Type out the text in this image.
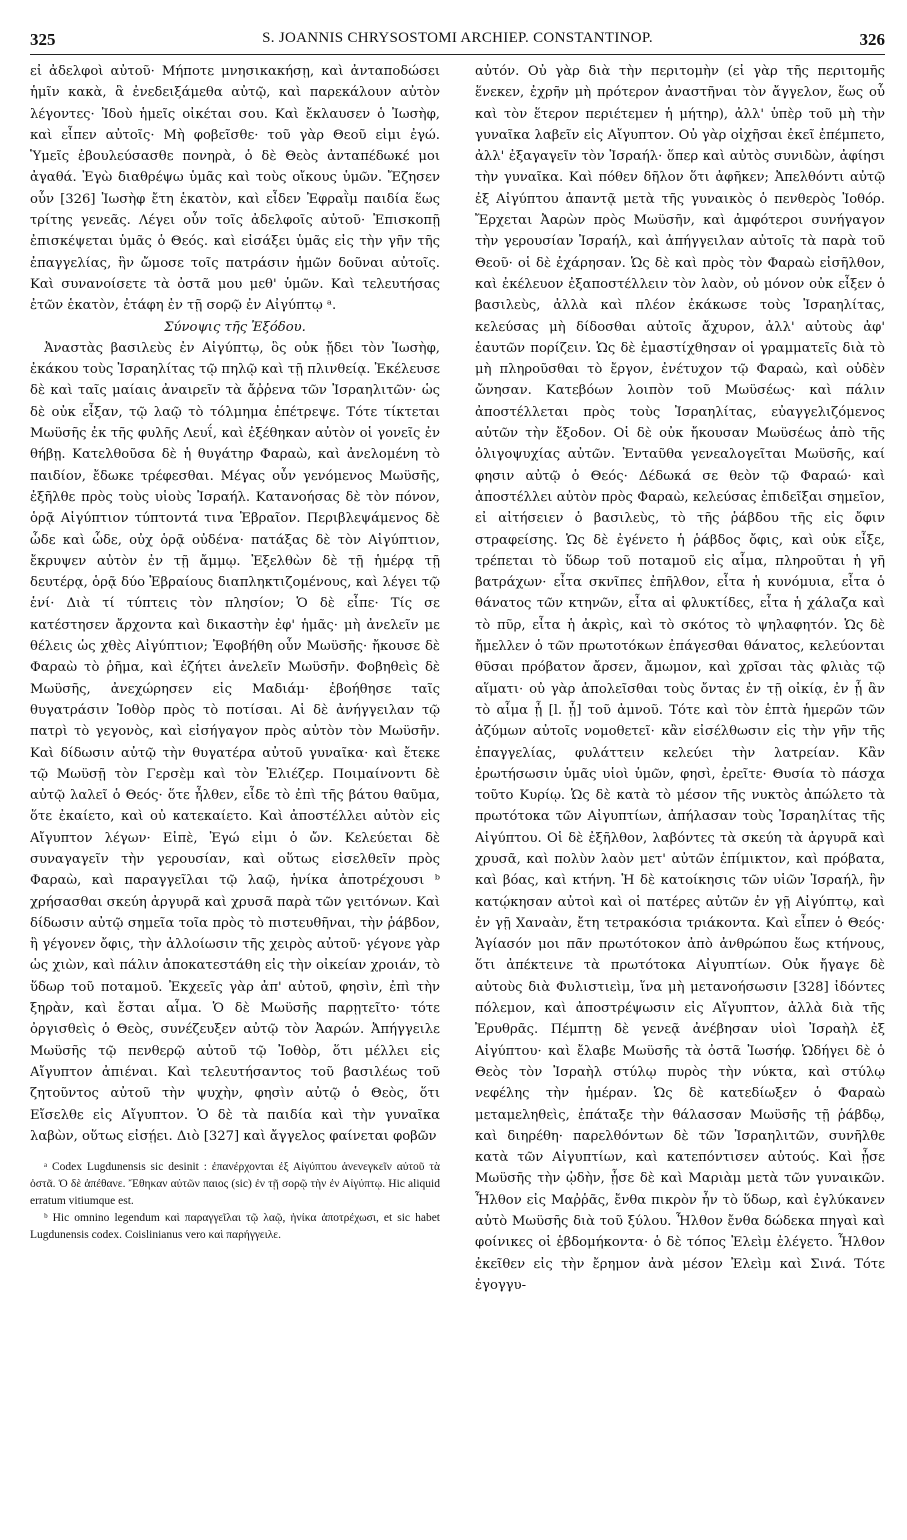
325	S. JOANNIS CHRYSOSTOMI ARCHIEP. CONSTANTINOP.	326

εἰ ἀδελφοὶ αὐτοῦ· Μήποτε μνησικακήσῃ, καὶ ἀνταποδώσει ἡμῖν κακὰ, ἃ ἐνεδειξάμεθα αὐτῷ, καὶ παρεκάλουν αὐτὸν λέγοντες· Ἰδοὺ ἡμεῖς οἰκέται σου. Καὶ ἔκλαυσεν ὁ Ἰωσὴφ, καὶ εἶπεν αὐτοῖς· Μὴ φοβεῖσθε· τοῦ γὰρ Θεοῦ εἰμι ἐγώ. Ὑμεῖς ἐβουλεύσασθε πονηρὰ, ὁ δὲ Θεὸς ἀνταπέδωκέ μοι ἀγαθά. Ἐγὼ διαθρέψω ὑμᾶς καὶ τοὺς οἴκους ὑμῶν. Ἔζησεν οὖν [326] Ἰωσὴφ ἔτη ἑκατὸν, καὶ εἶδεν Ἐφραῒμ παιδία ἕως τρίτης γενεᾶς. Λέγει οὖν τοῖς ἀδελφοῖς αὐτοῦ· Ἐπισκοπῇ ἐπισκέψεται ὑμᾶς ὁ Θεός. καὶ εἰσάξει ὑμᾶς εἰς τὴν γῆν τῆς ἐπαγγελίας, ἣν ὤμοσε τοῖς πατράσιν ἡμῶν δοῦναι αὐτοῖς. Καὶ συνανοίσετε τὰ ὀστᾶ μου μεθ' ὑμῶν. Καὶ τελευτήσας ἐτῶν ἑκατὸν, ἐτάφη ἐν τῇ σορῷ ἐν Αἰγύπτῳ ᵃ.

Σύνοψις τῆς Ἐξόδου.

Ἀναστὰς βασιλεὺς ἐν Αἰγύπτῳ, ὃς οὐκ ᾔδει τὸν Ἰωσὴφ, ἐκάκου τοὺς Ἰσραηλίτας τῷ πηλῷ καὶ τῇ πλινθείᾳ. Ἐκέλευσε δὲ καὶ ταῖς μαίαις ἀναιρεῖν τὰ ἄῤῥενα τῶν Ἰσραηλιτῶν· ὡς δὲ οὐκ εἶξαν, τῷ λαῷ τὸ τόλμημα ἐπέτρεψε. Τότε τίκτεται Μωϋσῆς ἐκ τῆς φυλῆς Λευΐ, καὶ ἐξέθηκαν αὐτὸν οἱ γονεῖς ἐν θήβῃ. Κατελθοῦσα δὲ ἡ θυγάτηρ Φαραὼ, καὶ ἀνελομένη τὸ παιδίον, ἔδωκε τρέφεσθαι. Μέγας οὖν γενόμενος Μωϋσῆς, ἐξῆλθε πρὸς τοὺς υἱοὺς Ἰσραήλ. Κατανοήσας δὲ τὸν πόνον, ὁρᾷ Αἰγύπτιον τύπτοντά τινα Ἑβραῖον. Περιβλεψάμενος δὲ ὧδε καὶ ὧδε, οὐχ ὁρᾷ οὐδένα· πατάξας δὲ τὸν Αἰγύπτιον, ἔκρυψεν αὐτὸν ἐν τῇ ἄμμῳ. Ἐξελθὼν δὲ τῇ ἡμέρᾳ τῇ δευτέρᾳ, ὁρᾷ δύο Ἑβραίους διαπληκτιζομένους, καὶ λέγει τῷ ἑνί· Διὰ τί τύπτεις τὸν πλησίον; Ὁ δὲ εἶπε· Τίς σε κατέστησεν ἄρχοντα καὶ δικαστὴν ἐφ' ἡμᾶς· μὴ ἀνελεῖν με θέλεις ὡς χθὲς Αἰγύπτιον; Ἐφοβήθη οὖν Μωϋσῆς· ἤκουσε δὲ Φαραὼ τὸ ῥῆμα, καὶ ἐζήτει ἀνελεῖν Μωϋσῆν. Φοβηθεὶς δὲ Μωϋσῆς, ἀνεχώρησεν εἰς Μαδιάμ· ἐβοήθησε ταῖς θυγατράσιν Ἰοθὸρ πρὸς τὸ ποτίσαι. Αἱ δὲ ἀνήγγειλαν τῷ πατρὶ τὸ γεγονὸς, καὶ εἰσήγαγον πρὸς αὐτὸν τὸν Μωϋσῆν. Καὶ δίδωσιν αὐτῷ τὴν θυγατέρα αὐτοῦ γυναῖκα· καὶ ἔτεκε τῷ Μωϋσῇ τὸν Γερσὲμ καὶ τὸν Ἐλιέζερ. Ποιμαίνοντι δὲ αὐτῷ λαλεῖ ὁ Θεός· ὅτε ἦλθεν, εἶδε τὸ ἐπὶ τῆς βάτου θαῦμα, ὅτε ἐκαίετο, καὶ οὐ κατεκαίετο. Καὶ ἀποστέλλει αὐτὸν εἰς Αἴγυπτον λέγων· Εἰπὲ, Ἐγώ εἰμι ὁ ὤν. Κελεύεται δὲ συναγαγεῖν τὴν γερουσίαν, καὶ οὕτως εἰσελθεῖν πρὸς Φαραὼ, καὶ παραγγεῖλαι τῷ λαῷ, ἡνίκα ἀποτρέχουσι ᵇ χρήσασθαι σκεύη ἀργυρᾶ καὶ χρυσᾶ παρὰ τῶν γειτόνων. Καὶ δίδωσιν αὐτῷ σημεῖα τοῖα πρὸς τὸ πιστευθῆναι, τὴν ῥάβδον, ἣ γέγονεν ὄφις, τὴν ἀλλοίωσιν τῆς χειρὸς αὐτοῦ· γέγονε γὰρ ὡς χιὼν, καὶ πάλιν ἀποκατεστάθη εἰς τὴν οἰκείαν χροιάν, τὸ ὕδωρ τοῦ ποταμοῦ. Ἐκχεεῖς γὰρ ἀπ' αὐτοῦ, φησὶν, ἐπὶ τὴν ξηρὰν, καὶ ἔσται αἷμα. Ὁ δὲ Μωϋσῆς παρῃτεῖτο· τότε ὀργισθεὶς ὁ Θεὸς, συνέζευξεν αὐτῷ τὸν Ἀαρών. Ἀπήγγειλε Μωϋσῆς τῷ πενθερῷ αὐτοῦ τῷ Ἰοθὸρ, ὅτι μέλλει εἰς Αἴγυπτον ἀπιέναι. Καὶ τελευτήσαντος τοῦ βασιλέως τοῦ ζητοῦντος αὐτοῦ τὴν ψυχὴν, φησὶν αὐτῷ ὁ Θεὸς, ὅτι Εἴσελθε εἰς Αἴγυπτον. Ὁ δὲ τὰ παιδία καὶ τὴν γυναῖκα λαβὼν, οὕτως εἰσῄει. Διὸ [327] καὶ ἄγγελος φαίνεται φοβῶν

ᵃ Codex Lugdunensis sic desinit : ἐπανέρχονται ἐξ Αἰγύπτου ἀνενεγκεῖν αὐτοῦ τὰ ὀστᾶ. Ὁ δὲ ἀπέθανε. Ἔθηκαν αὐτῶν παιος (sic) ἐν τῇ σορῷ τὴν ἐν Αἰγύπτῳ. Hic aliquid erratum vitiumque est.

ᵇ Hic omnino legendum καὶ παραγγεῖλαι τῷ λαῷ, ἡνίκα ἀποτρέχωσι, et sic habet Lugdunensis codex. Coislinianus vero καὶ παρήγγειλε.

αὐτόν. Οὐ γὰρ διὰ τὴν περιτομὴν (εἰ γὰρ τῆς περιτομῆς ἕνεκεν, ἐχρῆν μὴ πρότερον ἀναστῆναι τὸν ἄγγελον, ἕως οὗ καὶ τὸν ἕτερον περιέτεμεν ἡ μήτηρ), ἀλλ' ὑπὲρ τοῦ μὴ τὴν γυναῖκα λαβεῖν εἰς Αἴγυπτον. Οὐ γὰρ οἰχῆσαι ἐκεῖ ἐπέμπετο, ἀλλ' ἐξαγαγεῖν τὸν Ἰσραήλ· ὅπερ καὶ αὐτὸς συνιδὼν, ἀφίησι τὴν γυναῖκα. Καὶ πόθεν δῆλον ὅτι ἀφῆκεν; Ἀπελθόντι αὐτῷ ἐξ Αἰγύπτου ἀπαντᾷ μετὰ τῆς γυναικὸς ὁ πενθερὸς Ἰοθόρ. Ἔρχεται Ἀαρὼν πρὸς Μωϋσῆν, καὶ ἀμφότεροι συνήγαγον τὴν γερουσίαν Ἰσραήλ, καὶ ἀπήγγειλαν αὐτοῖς τὰ παρὰ τοῦ Θεοῦ· οἱ δὲ ἐχάρησαν. Ὡς δὲ καὶ πρὸς τὸν Φαραὼ εἰσῆλθον, καὶ ἐκέλευον ἐξαποστέλλειν τὸν λαὸν, οὐ μόνον οὐκ εἶξεν ὁ βασιλεὺς, ἀλλὰ καὶ πλέον ἐκάκωσε τοὺς Ἰσραηλίτας, κελεύσας μὴ δίδοσθαι αὐτοῖς ἄχυρον, ἀλλ' αὐτοὺς ἀφ' ἑαυτῶν πορίζειν. Ὡς δὲ ἐμαστίχθησαν οἱ γραμματεῖς διὰ τὸ μὴ πληροῦσθαι τὸ ἔργον, ἐνέτυχον τῷ Φαραὼ, καὶ οὐδὲν ὤνησαν. Κατεβόων λοιπὸν τοῦ Μωϋσέως· καὶ πάλιν ἀποστέλλεται πρὸς τοὺς Ἰσραηλίτας, εὐαγγελιζόμενος αὐτῶν τὴν ἔξοδον. Οἱ δὲ οὐκ ἤκουσαν Μωϋσέως ἀπὸ τῆς ὀλιγοψυχίας αὐτῶν. Ἐνταῦθα γενεαλογεῖται Μωϋσῆς, καί φησιν αὐτῷ ὁ Θεός· Δέδωκά σε θεὸν τῷ Φαραώ· καὶ ἀποστέλλει αὐτὸν πρὸς Φαραὼ, κελεύσας ἐπιδεῖξαι σημεῖον, εἰ αἰτήσειεν ὁ βασιλεὺς, τὸ τῆς ῥάβδου τῆς εἰς ὄφιν στραφείσης. Ὡς δὲ ἐγένετο ἡ ῥάβδος ὄφις, καὶ οὐκ εἶξε, τρέπεται τὸ ὕδωρ τοῦ ποταμοῦ εἰς αἷμα, πληροῦται ἡ γῆ βατράχων· εἶτα σκνῖπες ἐπῆλθον, εἶτα ἡ κυνόμυια, εἶτα ὁ θάνατος τῶν κτηνῶν, εἶτα αἱ φλυκτίδες, εἶτα ἡ χάλαζα καὶ τὸ πῦρ, εἶτα ἡ ἀκρὶς, καὶ τὸ σκότος τὸ ψηλαφητόν. Ὡς δὲ ἤμελλεν ὁ τῶν πρωτοτόκων ἐπάγεσθαι θάνατος, κελεύονται θῦσαι πρόβατον ἄρσεν, ἄμωμον, καὶ χρῖσαι τὰς φλιὰς τῷ αἵματι· οὐ γὰρ ἀπολεῖσθαι τοὺς ὄντας ἐν τῇ οἰκίᾳ, ἐν ᾗ ἂν τὸ αἷμα ᾖ [l. ᾖ] τοῦ ἀμνοῦ. Τότε καὶ τὸν ἑπτὰ ἡμερῶν τῶν ἀζύμων αὐτοῖς νομοθετεῖ· κἂν εἰσέλθωσιν εἰς τὴν γῆν τῆς ἐπαγγελίας, φυλάττειν κελεύει τὴν λατρείαν. Κἂν ἐρωτήσωσιν ὑμᾶς υἱοὶ ὑμῶν, φησὶ, ἐρεῖτε· Θυσία τὸ πάσχα τοῦτο Κυρίῳ. Ὡς δὲ κατὰ τὸ μέσον τῆς νυκτὸς ἀπώλετο τὰ πρωτότοκα τῶν Αἰγυπτίων, ἀπήλασαν τοὺς Ἰσραηλίτας τῆς Αἰγύπτου. Οἱ δὲ ἐξῆλθον, λαβόντες τὰ σκεύη τὰ ἀργυρᾶ καὶ χρυσᾶ, καὶ πολὺν λαὸν μετ' αὐτῶν ἐπίμικτον, καὶ πρόβατα, καὶ βόας, καὶ κτήνη. Ἡ δὲ κατοίκησις τῶν υἱῶν Ἰσραήλ, ἣν κατῴκησαν αὐτοὶ καὶ οἱ πατέρες αὐτῶν ἐν γῇ Αἰγύπτῳ, καὶ ἐν γῇ Χαναὰν, ἔτη τετρακόσια τριάκοντα. Καὶ εἶπεν ὁ Θεός· Ἁγίασόν μοι πᾶν πρωτότοκον ἀπὸ ἀνθρώπου ἕως κτήνους, ὅτι ἀπέκτεινε τὰ πρωτότοκα Αἰγυπτίων. Οὐκ ἤγαγε δὲ αὐτοὺς διὰ Φυλιστιεὶμ, ἵνα μὴ μετανοήσωσιν [328] ἰδόντες πόλεμον, καὶ ἀποστρέψωσιν εἰς Αἴγυπτον, ἀλλὰ διὰ τῆς Ἐρυθρᾶς. Πέμπτῃ δὲ γενεᾷ ἀνέβησαν υἱοὶ Ἰσραὴλ ἐξ Αἰγύπτου· καὶ ἔλαβε Μωϋσῆς τὰ ὀστᾶ Ἰωσήφ. Ὡδήγει δὲ ὁ Θεὸς τὸν Ἰσραὴλ στύλῳ πυρὸς τὴν νύκτα, καὶ στύλῳ νεφέλης τὴν ἡμέραν. Ὡς δὲ κατεδίωξεν ὁ Φαραὼ μεταμεληθεὶς, ἐπάταξε τὴν θάλασσαν Μωϋσῆς τῇ ῥάβδῳ, καὶ διηρέθη· παρελθόντων δὲ τῶν Ἰσραηλιτῶν, συνῆλθε κατὰ τῶν Αἰγυπτίων, καὶ κατεπόντισεν αὐτούς. Καὶ ᾖσε Μωϋσῆς τὴν ᾠδὴν, ᾖσε δὲ καὶ Μαριὰμ μετὰ τῶν γυναικῶν. Ἦλθον εἰς Μαῤῥᾶς, ἔνθα πικρὸν ἦν τὸ ὕδωρ, καὶ ἐγλύκανεν αὐτὸ Μωϋσῆς διὰ τοῦ ξύλου. Ἦλθον ἔνθα δώδεκα πηγαὶ καὶ φοίνικες οἱ ἑβδομήκοντα· ὁ δὲ τόπος Ἐλεὶμ ἐλέγετο. Ἦλθον ἐκεῖθεν εἰς τὴν ἔρημον ἀνὰ μέσον Ἐλεὶμ καὶ Σινά. Τότε ἐγογγυ-
